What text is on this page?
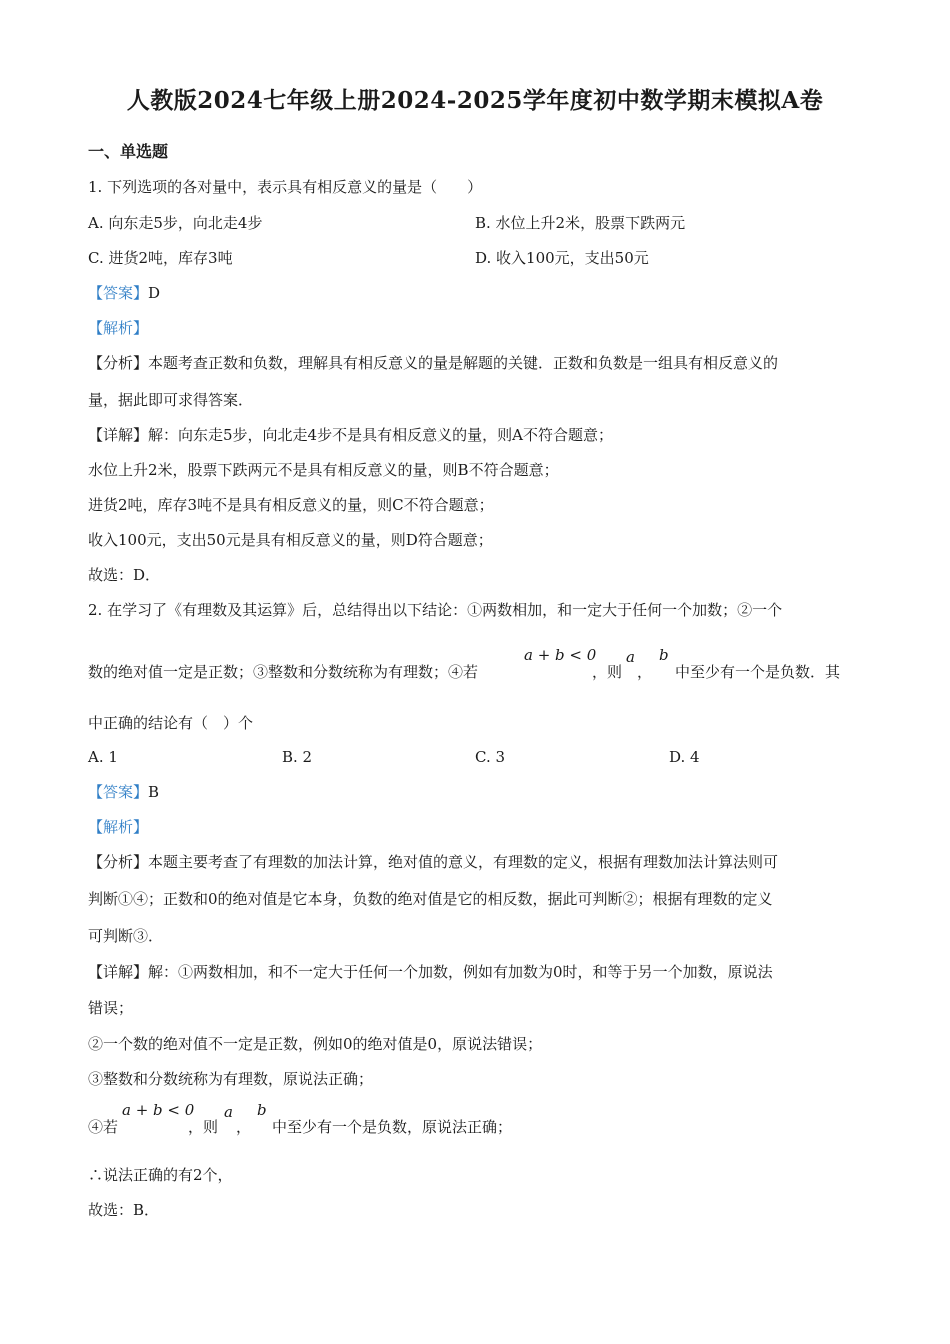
人教版2024七年级上册2024-2025学年度初中数学期末模拟A卷
一、单选题
1. 下列选项的各对量中，表示具有相反意义的量是（　　）
A. 向东走5步，向北走4步	B. 水位上升2米，股票下跌两元
C. 进货2吨，库存3吨	D. 收入100元，支出50元
【答案】D
【解析】
【分析】本题考查正数和负数，理解具有相反意义的量是解题的关键．正数和负数是一组具有相反意义的
量，据此即可求得答案．
【详解】解：向东走5步，向北走4步不是具有相反意义的量，则A不符合题意；
水位上升2米，股票下跌两元不是具有相反意义的量，则B不符合题意；
进货2吨，库存3吨不是具有相反意义的量，则C不符合题意；
收入100元，支出50元是具有相反意义的量，则D符合题意；
故选：D．
2. 在学习了《有理数及其运算》后，总结得出以下结论：①两数相加，和一定大于任何一个加数；②一个
数的绝对值一定是正数；③整数和分数统称为有理数；④若
a + b < 0
，则
a
，
b
中至少有一个是负数．其
中正确的结论有（　）个
A. 1	B. 2	C. 3	D. 4
【答案】B
【解析】
【分析】本题主要考查了有理数的加法计算，绝对值的意义，有理数的定义，根据有理数加法计算法则可
判断①④；正数和0的绝对值是它本身，负数的绝对值是它的相反数，据此可判断②；根据有理数的定义
可判断③．
【详解】解：①两数相加，和不一定大于任何一个加数，例如有加数为0时，和等于另一个加数，原说法
错误；
②一个数的绝对值不一定是正数，例如0的绝对值是0，原说法错误；
③整数和分数统称为有理数，原说法正确；
④若
a + b < 0
，则
a
，
b
中至少有一个是负数，原说法正确；
∴说法正确的有2个，
故选：B．
